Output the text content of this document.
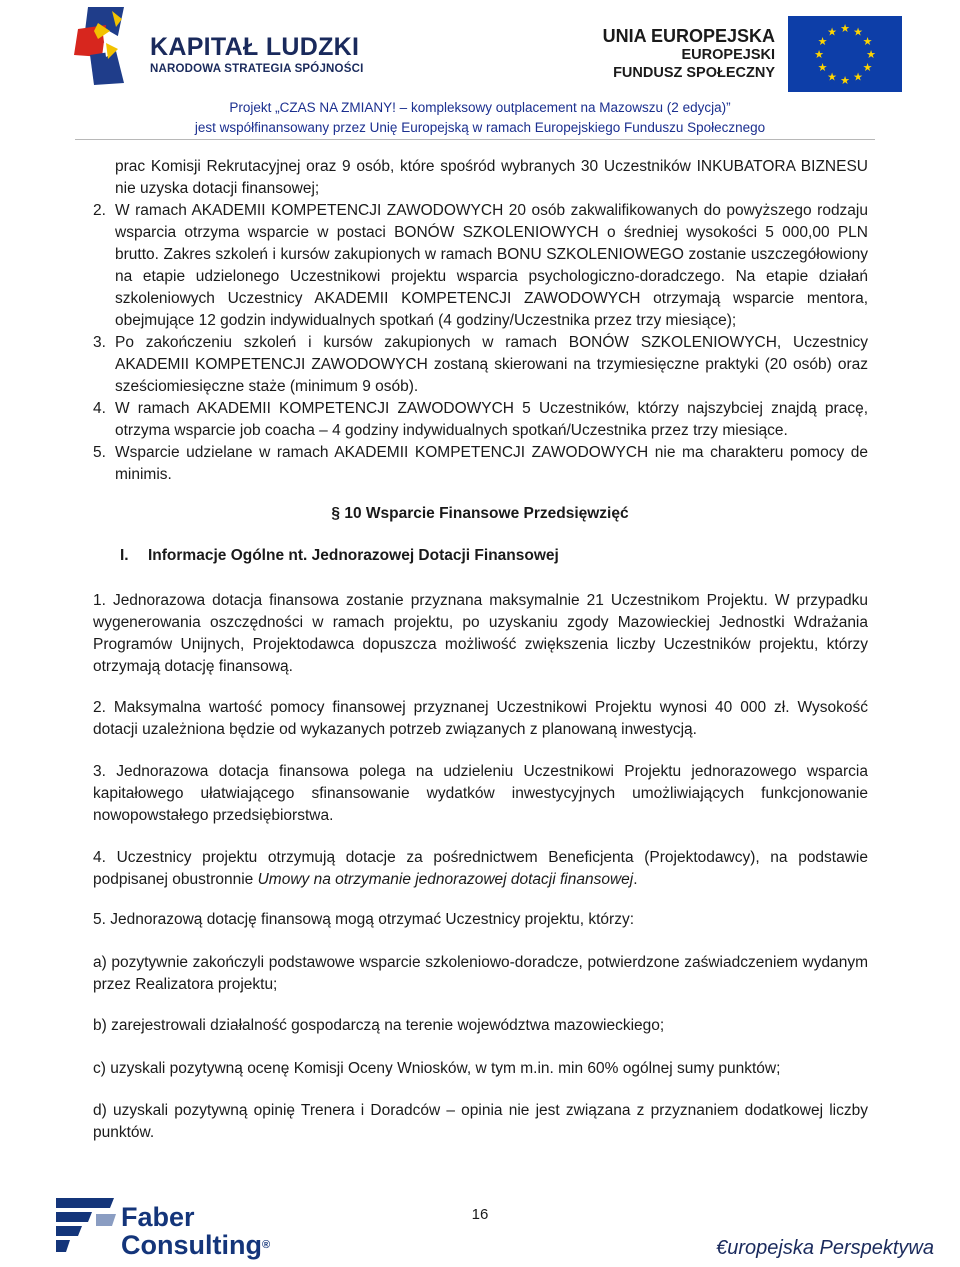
KAPITAŁ LUDZKI
NARODOWA STRATEGIA SPÓJNOŚCI
UNIA EUROPEJSKA
EUROPEJSKI
FUNDUSZ SPOŁECZNY
★ ★
★
★
★
★
★
★
★
★
★
★
Projekt „CZAS NA ZMIANY! – kompleksowy outplacement na Mazowszu (2 edycja)”
jest współfinansowany przez Unię Europejską w ramach Europejskiego Funduszu Społecznego

prac Komisji Rekrutacyjnej oraz 9 osób, które spośród wybranych 30 Uczestników INKUBATORA BIZNESU nie uzyska dotacji finansowej;

2. W ramach AKADEMII KOMPETENCJI ZAWODOWYCH 20 osób zakwalifikowanych do powyższego rodzaju wsparcia otrzyma wsparcie w postaci BONÓW SZKOLENIOWYCH o średniej wysokości 5 000,00 PLN brutto. Zakres szkoleń i kursów zakupionych w ramach BONU SZKOLENIOWEGO zostanie uszczegółowiony na etapie udzielonego Uczestnikowi projektu wsparcia psychologiczno-doradczego. Na etapie działań szkoleniowych Uczestnicy AKADEMII KOMPETENCJI ZAWODOWYCH otrzymają wsparcie mentora, obejmujące 12 godzin indywidualnych spotkań (4 godziny/Uczestnika przez trzy miesiące);

3. Po zakończeniu szkoleń i kursów zakupionych w ramach BONÓW SZKOLENIOWYCH, Uczestnicy AKADEMII KOMPETENCJI ZAWODOWYCH zostaną skierowani na trzymiesięczne praktyki (20 osób) oraz sześciomiesięczne staże (minimum 9 osób).

4. W ramach AKADEMII KOMPETENCJI ZAWODOWYCH 5 Uczestników, którzy najszybciej znajdą pracę, otrzyma wsparcie job coacha – 4 godziny indywidualnych spotkań/Uczestnika przez trzy miesiące.

5. Wsparcie udzielane w ramach AKADEMII KOMPETENCJI ZAWODOWYCH nie ma charakteru pomocy de minimis.

§ 10 Wsparcie Finansowe Przedsięwzięć
I. Informacje Ogólne nt. Jednorazowej Dotacji Finansowej

1. Jednorazowa dotacja finansowa zostanie przyznana maksymalnie 21 Uczestnikom Projektu. W przypadku wygenerowania oszczędności w ramach projektu, po uzyskaniu zgody Mazowieckiej Jednostki Wdrażania Programów Unijnych, Projektodawca dopuszcza możliwość zwiększenia liczby Uczestników projektu, którzy otrzymają dotację finansową.

2. Maksymalna wartość pomocy finansowej przyznanej Uczestnikowi Projektu wynosi 40 000 zł. Wysokość dotacji uzależniona będzie od wykazanych potrzeb związanych z planowaną inwestycją.

3. Jednorazowa dotacja finansowa polega na udzieleniu Uczestnikowi Projektu jednorazowego wsparcia kapitałowego ułatwiającego sfinansowanie wydatków inwestycyjnych umożliwiających funkcjonowanie nowopowstałego przedsiębiorstwa.

4. Uczestnicy projektu otrzymują dotacje za pośrednictwem Beneficjenta (Projektodawcy), na podstawie podpisanej obustronnie Umowy na otrzymanie jednorazowej dotacji finansowej.

5. Jednorazową dotację finansową mogą otrzymać Uczestnicy projektu, którzy:

a) pozytywnie zakończyli podstawowe wsparcie szkoleniowo-doradcze, potwierdzone zaświadczeniem wydanym przez Realizatora projektu;

b) zarejestrowali działalność gospodarczą na terenie województwa mazowieckiego;

c) uzyskali pozytywną ocenę Komisji Oceny Wniosków, w tym m.in. min 60% ogólnej sumy punktów;

d) uzyskali pozytywną opinię Trenera i Doradców – opinia nie jest związana z przyznaniem dodatkowej liczby punktów.

16
Faber
Consulting®	€uropejska Perspektywa
